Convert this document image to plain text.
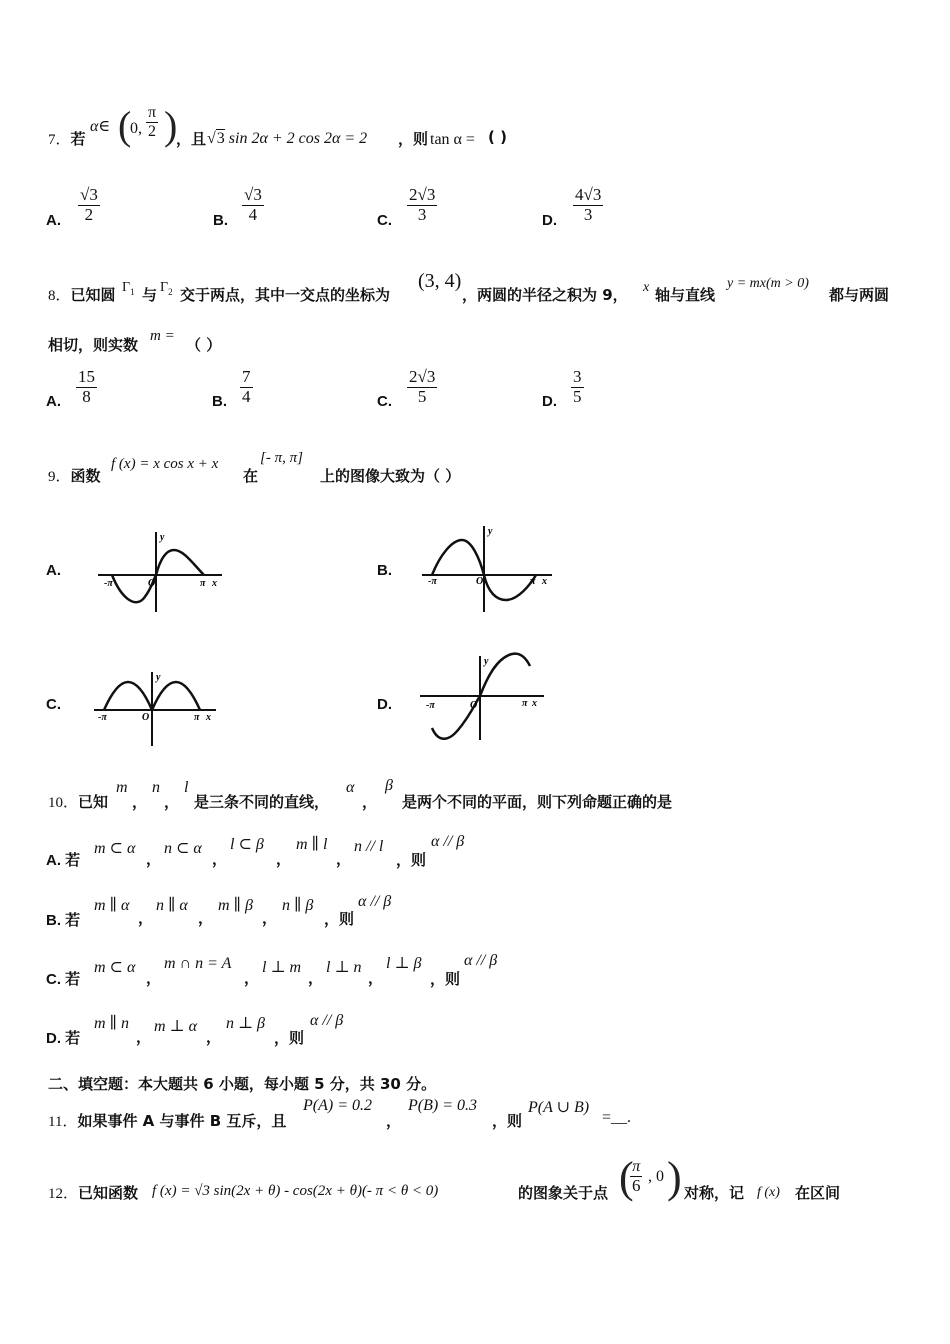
7．若
α∈ (
0, $\frac{\pi}{2}$ )
，且 √3 sin 2α + 2 cos 2α = 2 ，则 tan α = ( )
A. $\frac{√3}{2}$	B. $\frac{√3}{4}$	C. $\frac{2√3}{3}$	D. $\frac{4√3}{3}$
8．已知圆 $\Gamma_1$ 与 $\Gamma_2$ 交于两点，其中一交点的坐标为
(3, 4)
，两圆的半径之积为 9， x 轴与直线
y = mx(m > 0)
都与两圆
相切，则实数 m = （ ）
A. $\frac{15}{8}$	B. $\frac{7}{4}$	C. $\frac{2√3}{5}$	D. $\frac{3}{5}$
9．函数
f (x) = x cos x + x
在
[- π, π]
上的图像大致为（ ）
A.
y
-π	O	π x
B.
y
-π	O	π x
C.
y
-π	O	π x
D.
y
-π	O	π x
10．已知
m
，
n
，
l
是三条不同的直线，
α
，
β
是两个不同的平面，则下列命题正确的是
A. 若
m ⊂ α
，
n ⊂ α
，
l ⊂ β
，
m ∥ l
，
n // l
，则
α // β
B. 若
m ∥ α
，
n ∥ α
，
m ∥ β
，
n ∥ β
，则
α // β
C. 若
m ⊂ α
，
m ∩ n = A
，
l ⊥ m
，
l ⊥ n
，
l ⊥ β
，则
α // β
D. 若
m ∥ n
，
m ⊥ α
，
n ⊥ β
，则
α // β
二、填空题：本大题共 6 小题，每小题 5 分，共 30 分。
11．如果事件 A 与事件 B 互斥，且
P(A) = 0.2
，
P(B) = 0.3
，则
P(A ∪ B)
=__.
12．已知函数 f (x) = √3 sin(2x + θ) - cos(2x + θ)(- π < θ < 0)	的图象关于点 (
$\frac{\pi}{6}$ , 0 ) 对称，记 f (x) 在区间
